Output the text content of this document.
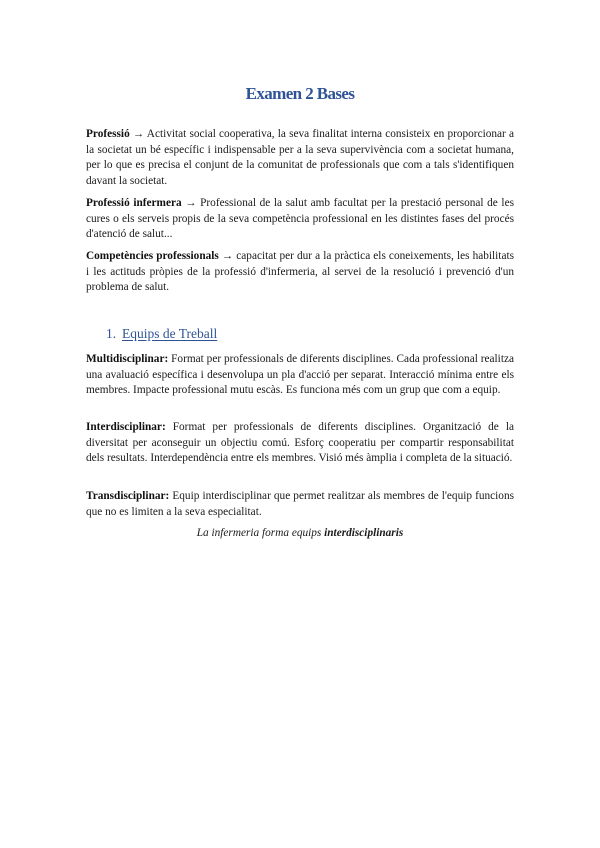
Examen 2 Bases

Professió → Activitat social cooperativa, la seva finalitat interna consisteix en proporcionar a la societat un bé específic i indispensable per a la seva supervivència com a societat humana, per lo que es precisa el conjunt de la comunitat de professionals que com a tals s'identifiquen davant la societat.

Professió infermera → Professional de la salut amb facultat per la prestació personal de les cures o els serveis propis de la seva competència professional en les distintes fases del procés d'atenció de salut...

Competències professionals → capacitat per dur a la pràctica els coneixements, les habilitats i les actituds pròpies de la professió d'infermeria, al servei de la resolució i prevenció d'un problema de salut.

1. Equips de Treball

Multidisciplinar: Format per professionals de diferents disciplines. Cada professional realitza una avaluació específica i desenvolupa un pla d'acció per separat. Interacció mínima entre els membres. Impacte professional mutu escàs. Es funciona més com un grup que com a equip.

Interdisciplinar: Format per professionals de diferents disciplines. Organització de la diversitat per aconseguir un objectiu comú. Esforç cooperatiu per compartir responsabilitat dels resultats. Interdependència entre els membres. Visió més àmplia i completa de la situació.

Transdisciplinar: Equip interdisciplinar que permet realitzar als membres de l'equip funcions que no es limiten a la seva especialitat.

La infermeria forma equips interdisciplinaris
